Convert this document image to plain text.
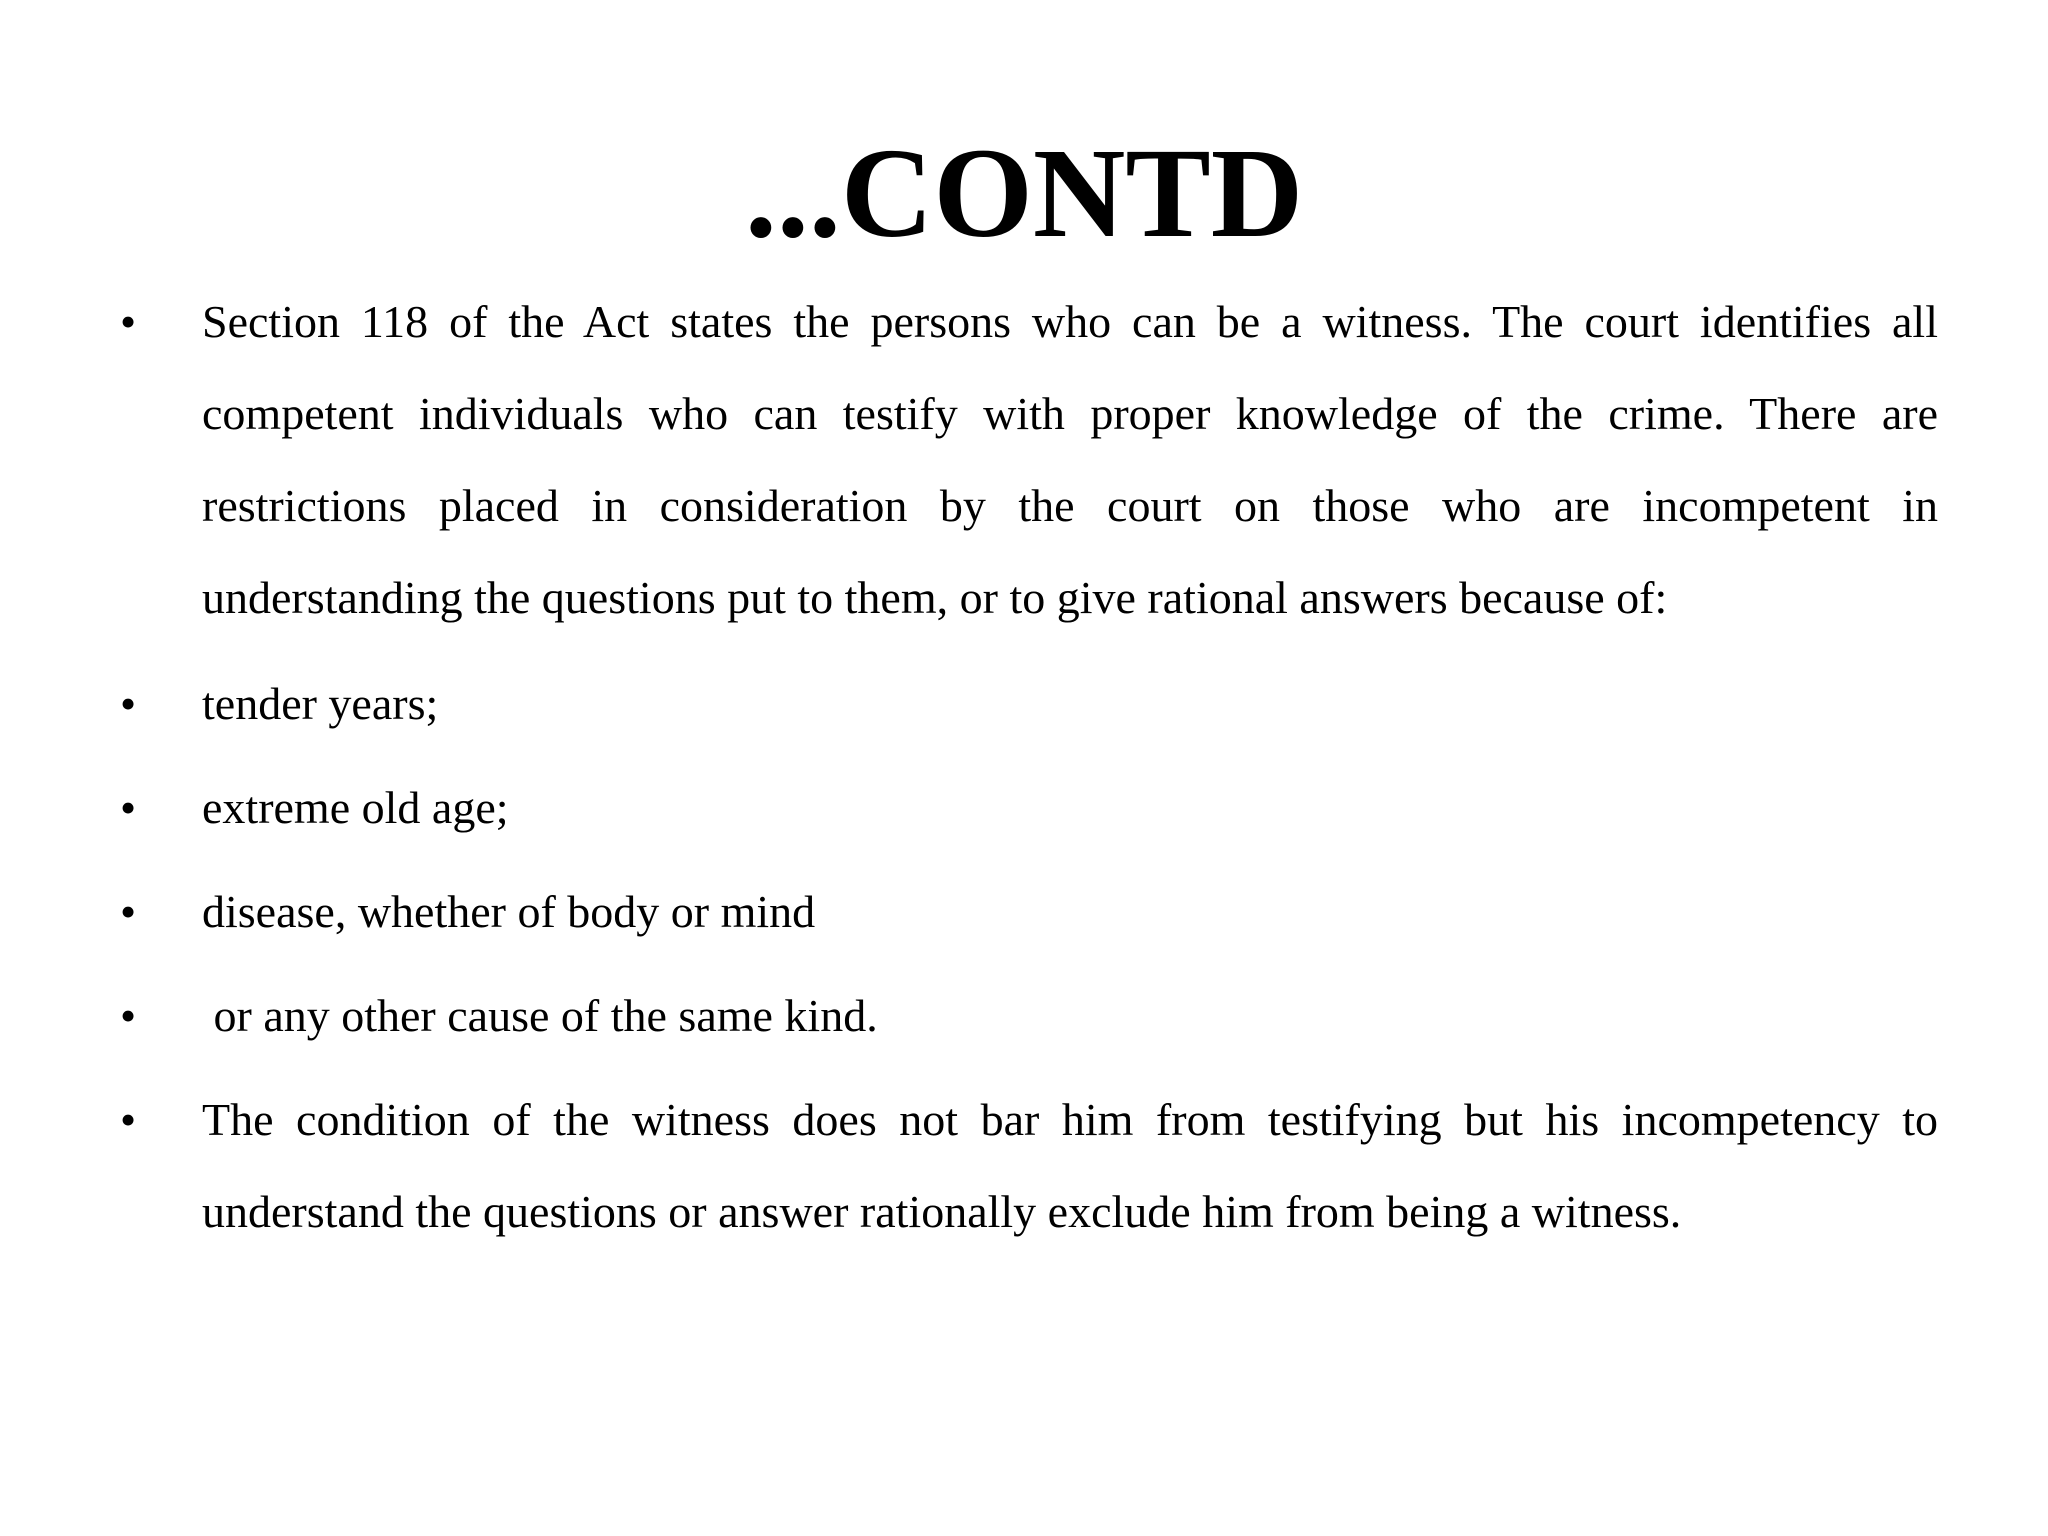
...CONTD
• Section 118 of the Act states the persons who can be a witness. The court identifies all competent individuals who can testify with proper knowledge of the crime. There are restrictions placed in consideration by the court on those who are incompetent in understanding the questions put to them, or to give rational answers because of:
• tender years;
• extreme old age;
• disease, whether of body or mind
• or any other cause of the same kind.
• The condition of the witness does not bar him from testifying but his incompetency to understand the questions or answer rationally exclude him from being a witness.
